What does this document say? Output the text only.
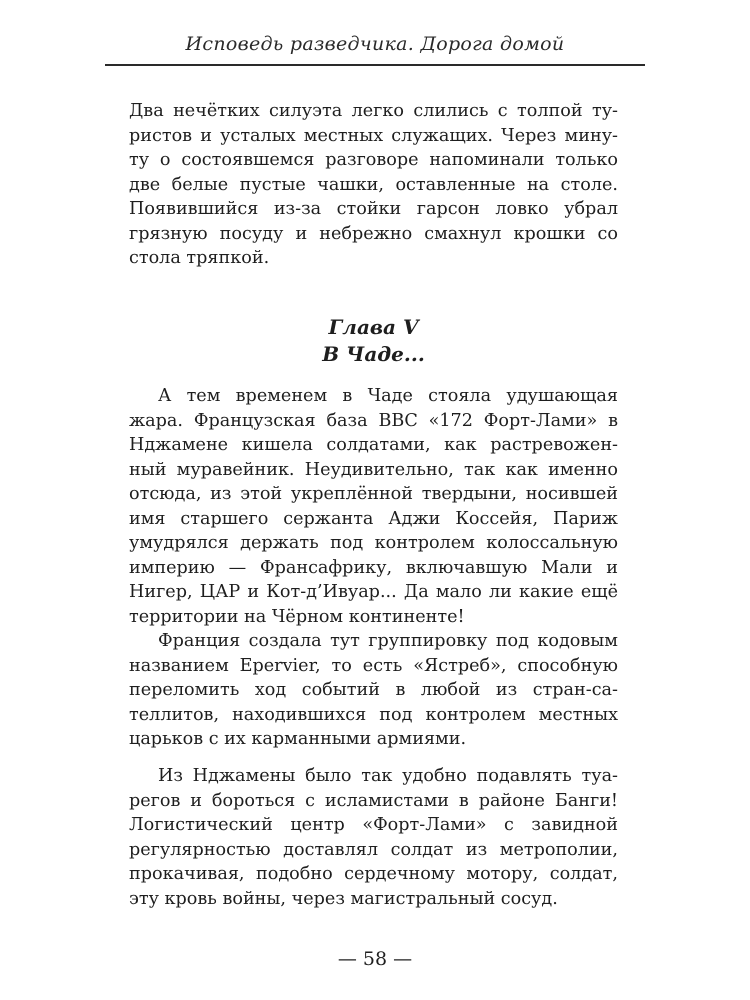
Исповедь разведчика. Дорога домой
Два нечётких силуэта легко слились с толпой ту-
ристов и усталых местных служащих. Через мину-
ту о состоявшемся разговоре напоминали только
две белые пустые чашки, оставленные на столе.
Появившийся из-за стойки гарсон ловко убрал
грязную посуду и небрежно смахнул крошки со
стола тряпкой.
Глава V
В Чаде...
А тем временем в Чаде стояла удушающая
жара. Французская база ВВС «172 Форт-Лами» в
Нджамене кишела солдатами, как растревожен-
ный муравейник. Неудивительно, так как именно
отсюда, из этой укреплённой твердыни, носившей
имя старшего сержанта Аджи Коссейя, Париж
умудрялся держать под контролем колоссальную
империю — Франсафрику, включавшую Мали и
Нигер, ЦАР и Кот-д’Ивуар... Да мало ли какие ещё
территории на Чёрном континенте!
Франция создала тут группировку под кодовым
названием Epervier, то есть «Ястреб», способную
переломить ход событий в любой из стран-са-
теллитов, находившихся под контролем местных
царьков с их карманными армиями.
Из Нджамены было так удобно подавлять туа-
регов и бороться с исламистами в районе Банги!
Логистический центр «Форт-Лами» с завидной
регулярностью доставлял солдат из метрополии,
прокачивая, подобно сердечному мотору, солдат,
эту кровь войны, через магистральный сосуд.
— 58 —
